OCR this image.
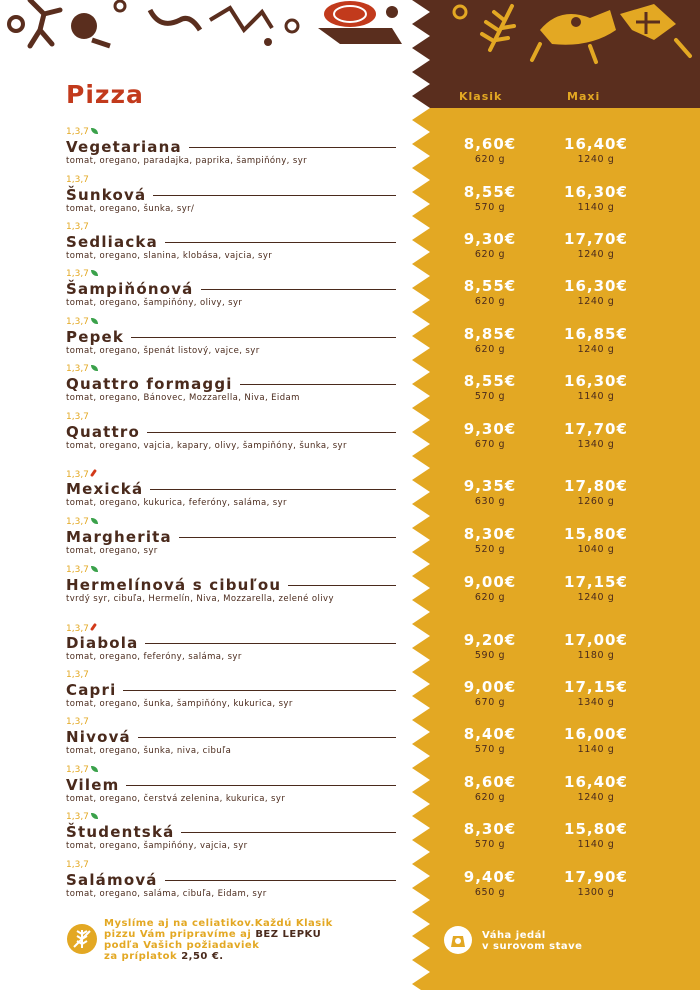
Pizza	Klasik	Maxi
1,3,7
Vegetariana
tomat, oregano, paradajka, paprika, šampiňóny, syr
8,60€
620 g
16,40€
1240 g
1,3,7
Šunková
tomat, oregano, šunka, syr/
8,55€
570 g
16,30€
1140 g
1,3,7
Sedliacka
tomat, oregano, slanina, klobása, vajcia, syr
9,30€
620 g
17,70€
1240 g
1,3,7
Šampiňónová
tomat, oregano, šampiňóny, olivy, syr
8,55€
620 g
16,30€
1240 g
1,3,7
Pepek
tomat, oregano, špenát listový, vajce, syr
8,85€
620 g
16,85€
1240 g
1,3,7
Quattro formaggi
tomat, oregano, Bánovec, Mozzarella, Niva, Eidam
8,55€
570 g
16,30€
1140 g
1,3,7
Quattro
tomat, oregano, vajcia, kapary, olivy, šampiňóny, šunka, syr
9,30€
670 g
17,70€
1340 g
1,3,7
Mexická
tomat, oregano, kukurica, feferóny, saláma, syr
9,35€
630 g
17,80€
1260 g
1,3,7
Margherita
tomat, oregano, syr
8,30€
520 g
15,80€
1040 g
1,3,7
Hermelínová s cibuľou
tvrdý syr, cibuľa, Hermelín, Niva, Mozzarella, zelené olivy
9,00€
620 g
17,15€
1240 g
1,3,7
Diabola
tomat, oregano, feferóny, saláma, syr
9,20€
590 g
17,00€
1180 g
1,3,7
Capri
tomat, oregano, šunka, šampiňóny, kukurica, syr
9,00€
670 g
17,15€
1340 g
1,3,7
Nivová
tomat, oregano, šunka, niva, cibuľa
8,40€
570 g
16,00€
1140 g
1,3,7
Vilem
tomat, oregano, čerstvá zelenina, kukurica, syr
8,60€
620 g
16,40€
1240 g
1,3,7
Študentská
tomat, oregano, šampiňóny, vajcia, syr
8,30€
570 g
15,80€
1140 g
1,3,7
Salámová
tomat, oregano, saláma, cibuľa, Eidam, syr
9,40€
650 g
17,90€
1300 g
Myslíme aj na celiatikov.Každú Klasik
pizzu Vám pripravíme aj BEZ LEPKU
podľa Vašich požiadaviek
za príplatok 2,50 €.
Váha jedál
v surovom stave
